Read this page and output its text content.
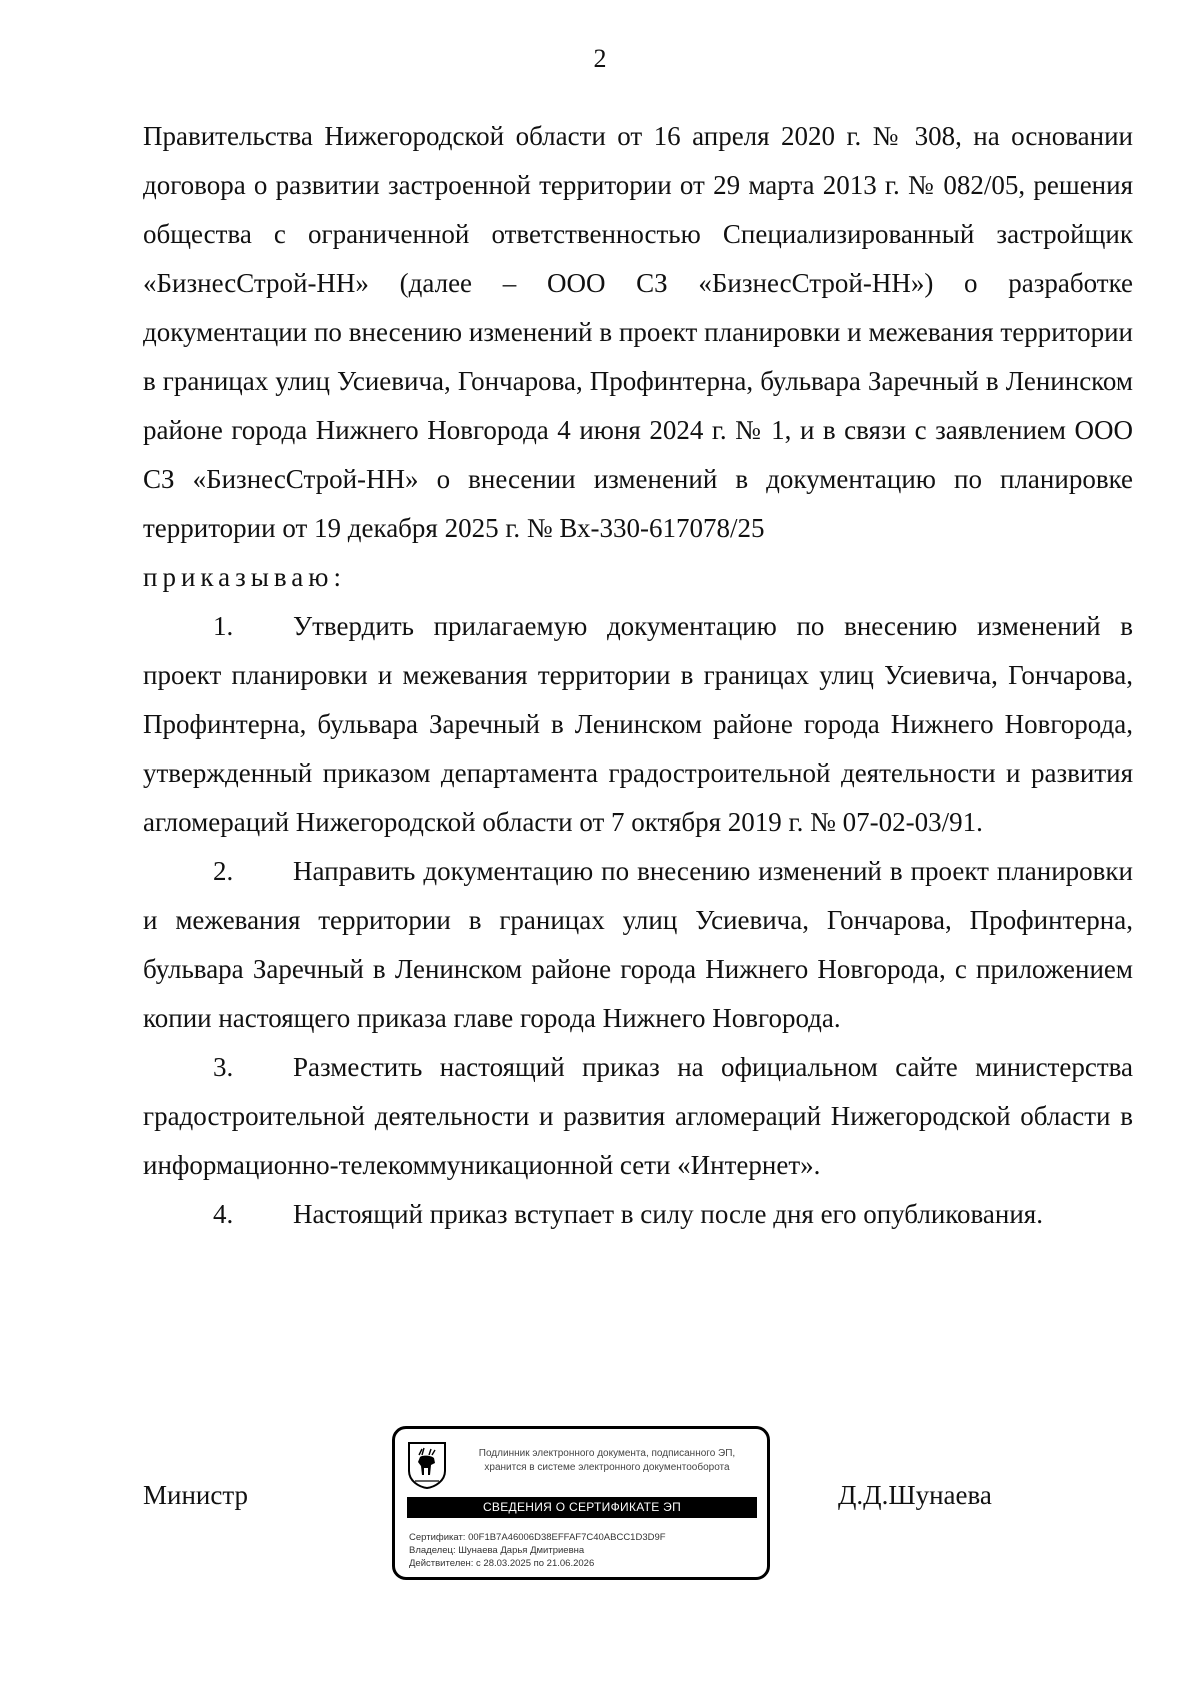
2

Правительства Нижегородской области от 16 апреля 2020 г. № 308, на основании договора о развитии застроенной территории от 29 марта 2013 г. № 082/05, решения общества с ограниченной ответственностью Специализированный застройщик «БизнесСтрой-НН» (далее – ООО СЗ «БизнесСтрой-НН») о разработке документации по внесению изменений в проект планировки и межевания территории в границах улиц Усиевича, Гончарова, Профинтерна, бульвара Заречный в Ленинском районе города Нижнего Новгорода 4 июня 2024 г. № 1, и в связи с заявлением ООО СЗ «БизнесСтрой-НН» о внесении изменений в документацию по планировке территории от 19 декабря 2025 г. № Вх-330-617078/25

приказываю:

1. Утвердить прилагаемую документацию по внесению изменений в проект планировки и межевания территории в границах улиц Усиевича, Гончарова, Профинтерна, бульвара Заречный в Ленинском районе города Нижнего Новгорода, утвержденный приказом департамента градостроительной деятельности и развития агломераций Нижегородской области от 7 октября 2019 г. № 07-02-03/91.

2. Направить документацию по внесению изменений в проект планировки и межевания территории в границах улиц Усиевича, Гончарова, Профинтерна, бульвара Заречный в Ленинском районе города Нижнего Новгорода, с приложением копии настоящего приказа главе города Нижнего Новгорода.

3. Разместить настоящий приказ на официальном сайте министерства градостроительной деятельности и развития агломераций Нижегородской области в информационно-телекоммуникационной сети «Интернет».

4. Настоящий приказ вступает в силу после дня его опубликования.

Министр
Подлинник электронного документа, подписанного ЭП,
хранится в системе электронного документооборота
СВЕДЕНИЯ О СЕРТИФИКАТЕ ЭП
Сертификат: 00F1B7A46006D38EFFAF7C40ABCC1D3D9F
Владелец: Шунаева Дарья Дмитриевна
Действителен: с 28.03.2025 по 21.06.2026
Д.Д.Шунаева
